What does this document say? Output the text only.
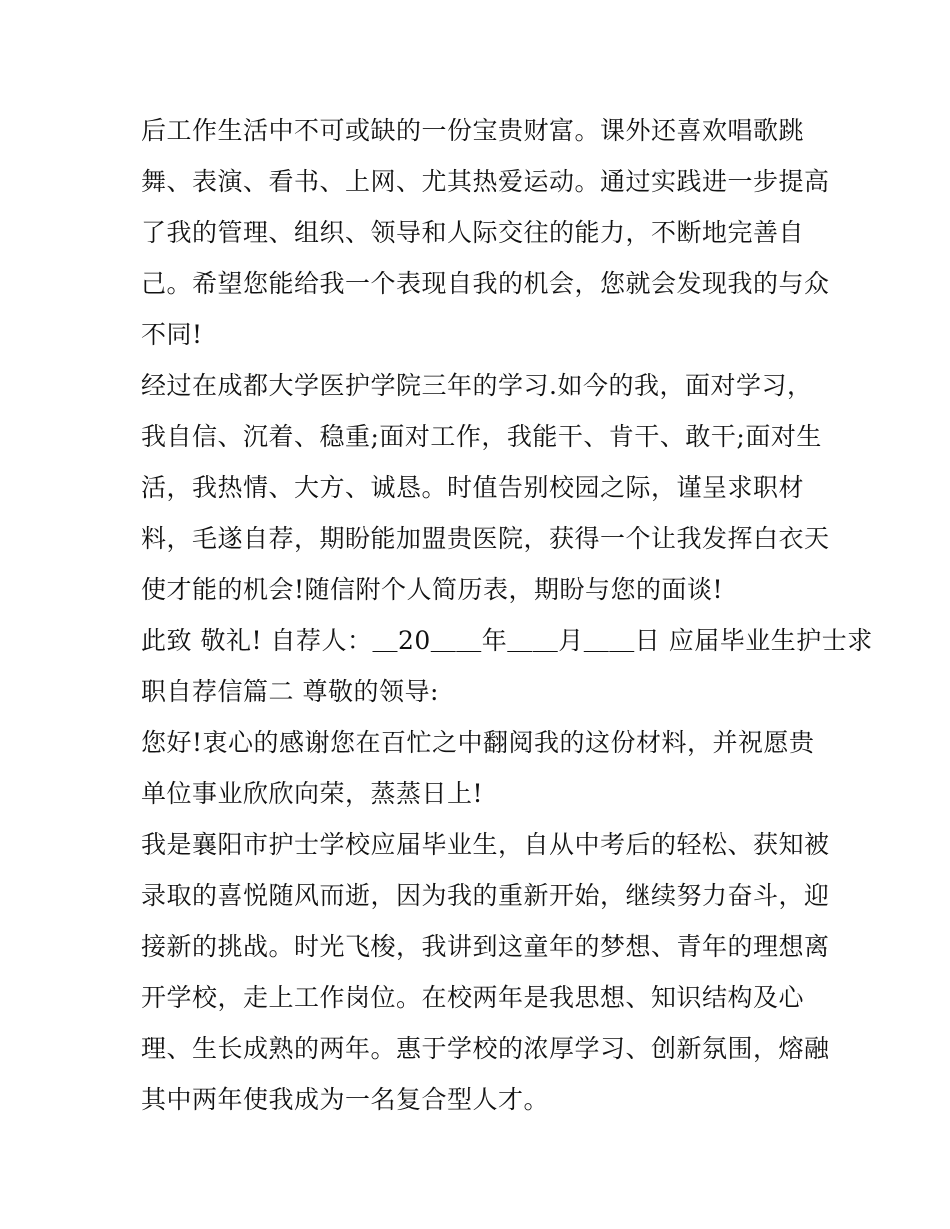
后工作生活中不可或缺的一份宝贵财富。课外还喜欢唱歌跳
舞、表演、看书、上网、尤其热爱运动。通过实践进一步提高
了我的管理、组织、领导和人际交往的能力，不断地完善自
己。希望您能给我一个表现自我的机会，您就会发现我的与众
不同!
经过在成都大学医护学院三年的学习.如今的我，面对学习，
我自信、沉着、稳重;面对工作，我能干、肯干、敢干;面对生
活，我热情、大方、诚恳。时值告别校园之际，谨呈求职材
料，毛遂自荐，期盼能加盟贵医院，获得一个让我发挥白衣天
使才能的机会!随信附个人简历表，期盼与您的面谈!
此致 敬礼! 自荐人：＿20＿＿年＿＿月＿＿日 应届毕业生护士求
职自荐信篇二 尊敬的领导:
您好!衷心的感谢您在百忙之中翻阅我的这份材料，并祝愿贵
单位事业欣欣向荣，蒸蒸日上!
我是襄阳市护士学校应届毕业生，自从中考后的轻松、获知被
录取的喜悦随风而逝，因为我的重新开始，继续努力奋斗，迎
接新的挑战。时光飞梭，我讲到这童年的梦想、青年的理想离
开学校，走上工作岗位。在校两年是我思想、知识结构及心
理、生长成熟的两年。惠于学校的浓厚学习、创新氛围，熔融
其中两年使我成为一名复合型人才。
